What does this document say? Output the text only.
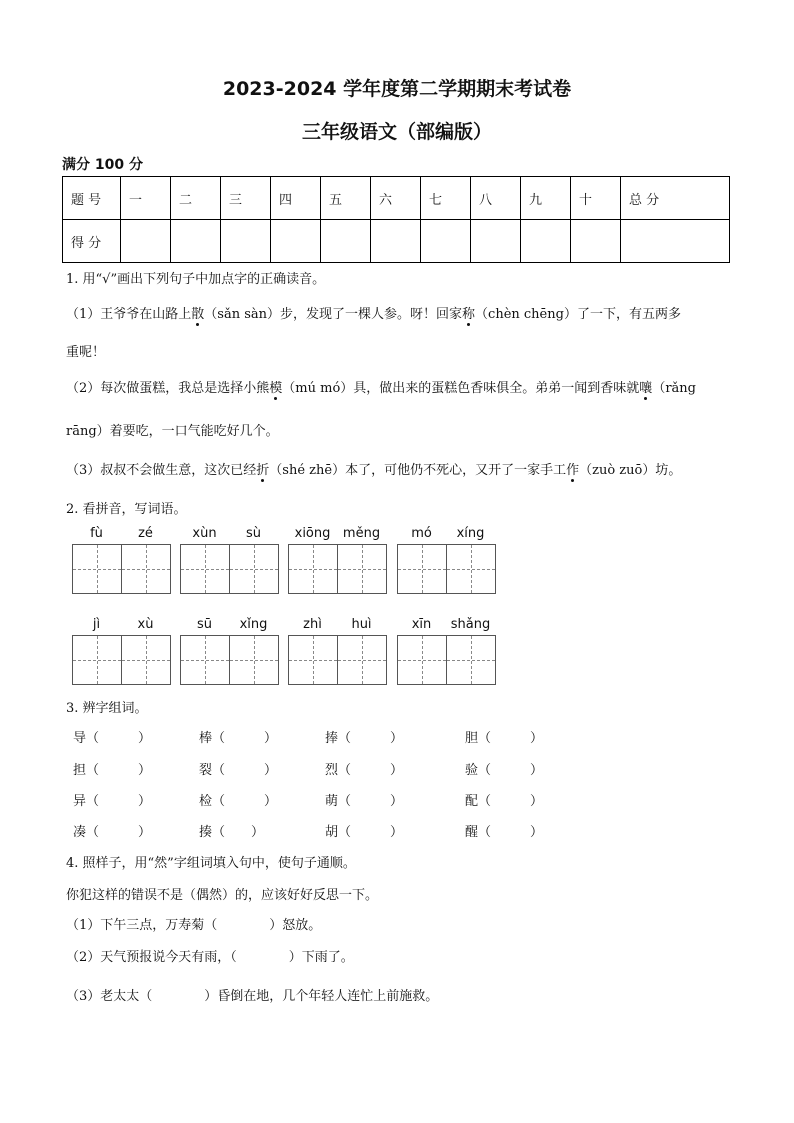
2023-2024 学年度第二学期期末考试卷
三年级语文（部编版）
满分 100 分
题 号	一	二	三	四	五	六	七	八	九	十	总 分
得 分											
1. 用“√”画出下列句子中加点字的正确读音。
（1）王爷爷在山路上散（sǎn sàn）步，发现了一棵人参。呀！回家称（chèn chēng）了一下，有五两多
重呢！
（2）每次做蛋糕，我总是选择小熊模（mú mó）具，做出来的蛋糕色香味俱全。弟弟一闻到香味就嚷（rǎng
rāng）着要吃，一口气能吃好几个。
（3）叔叔不会做生意，这次已经折（shé zhē）本了，可他仍不死心，又开了一家手工作（zuò zuō）坊。
2. 看拼音，写词语。
fù	zé	xùn	sù	xiōng měng	mó	xíng
jì	xù	sū	xǐng	zhì	huì	xīn	shǎng
3. 辨字组词。
导（　　　）	棒（　　　）	捧（　　　）	胆（　　　）
担（　　　）	裂（　　　）	烈（　　　）	验（　　　）
异（　　　）	检（　　　）	萌（　　　）	配（　　　）
凑（　　　）	揍（　　）	胡（　　　）	醒（　　　）
4. 照样子，用“然”字组词填入句中，使句子通顺。
你犯这样的错误不是（偶然）的，应该好好反思一下。
（1）下午三点，万寿菊（　　　　）怒放。
（2）天气预报说今天有雨，（　　　　）下雨了。
（3）老太太（　　　　）昏倒在地，几个年轻人连忙上前施救。
